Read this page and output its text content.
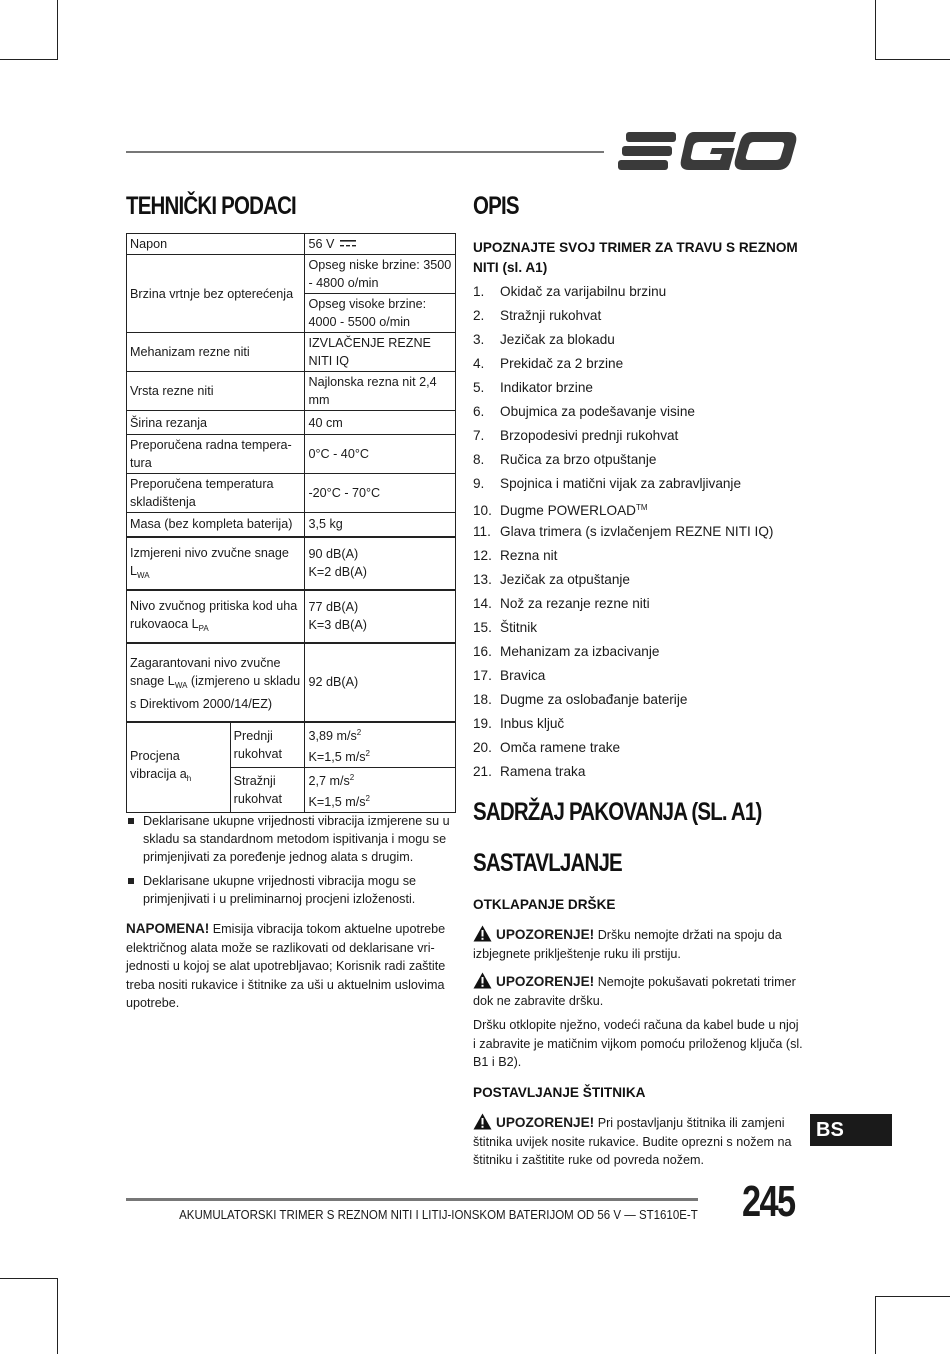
TEHNIČKI PODACI
Napon		56 V
Brzina vrtnje bez opterećenja		Opseg niske brzine: 3500 - 4800 o/min
		Opseg visoke brzine: 4000 - 5500 o/min
Mehanizam rezne niti		IZVLAČENJE REZNE NITI IQ
Vrsta rezne niti		Najlonska rezna nit 2,4 mm
Širina rezanja		40 cm
Preporučena radna temperatura		0°C - 40°C
Preporučena temperatura skladištenja		-20°C - 70°C
Masa (bez kompleta baterija)		3,5 kg
Izmjereni nivo zvučne snage $L_{WA}$		90 dB(A)
K=2 dB(A)

Nivo zvučnog pritiska kod uha rukovaoca $L_{PA}$		77 dB(A)
K=3 dB(A)

Zagarantovani nivo zvučne snage $L_{WA}$ (izmjereno u skladu s Direktivom 2000/14/EZ)		92 dB(A)
Procjena vibracija $a_h$	Prednji rukohvat	3,89 $m/s^2$
K=1,5 $m/s^2$

	Stražnji rukohvat	2,7 $m/s^2$
K=1,5 $m/s^2$
Deklarisane ukupne vrijednosti vibracija izmjerene su u skladu sa standardnom metodom ispitivanja i mogu se primjenjivati za poređenje jednog alata s drugim.
Deklarisane ukupne vrijednosti vibracija mogu se primjenjivati i u preliminarnoj procjeni izloženosti.

NAPOMENA! Emisija vibracija tokom aktuelne upotrebe električnog alata može se razlikovati od deklarisane vrijednosti u kojoj se alat upotrebljavao; Korisnik radi zaštite treba nositi rukavice i štitnike za uši u aktuelnim uslovima upotrebe.

OPIS
UPOZNAJTE SVOJ TRIMER ZA TRAVU S REZNOM NITI (sl. A1)
1. Okidač za varijabilnu brzinu
2. Stražnji rukohvat
3. Jezičak za blokadu
4. Prekidač za 2 brzine
5. Indikator brzine
6. Obujmica za podešavanje visine
7. Brzopodesivi prednji rukohvat
8. Ručica za brzo otpuštanje
9. Spojnica i matični vijak za zabravljivanje
10. Dugme POWERLOAD™
11. Glava trimera (s izvlačenjem REZNE NITI IQ)
12. Rezna nit
13. Jezičak za otpuštanje
14. Nož za rezanje rezne niti
15. Štitnik
16. Mehanizam za izbacivanje
17. Bravica
18. Dugme za oslobađanje baterije
19. Inbus ključ
20. Omča ramene trake
21. Ramena traka
SADRŽAJ PAKOVANJA (SL. A1)
SASTAVLJANJE
OTKLAPANJE DRŠKE

UPOZORENJE! Dršku nemojte držati na spoju da izbjegnete priklještenje ruku ili prstiju.

UPOZORENJE! Nemojte pokušavati pokretati trimer dok ne zabravite dršku.

Dršku otklopite nježno, vodeći računa da kabel bude u njoj i zabravite je matičnim vijkom pomoću priloženog ključa (sl. B1 i B2).

POSTAVLJANJE ŠTITNIKA

UPOZORENJE! Pri postavljanju štitnika ili zamjeni štitnika uvijek nosite rukavice. Budite oprezni s nožem na štitniku i zaštitite ruke od povreda nožem.

BS
AKUMULATORSKI TRIMER S REZNOM NITI I LITIJ-IONSKOM BATERIJOM OD 56 V — ST1610E-T 245
